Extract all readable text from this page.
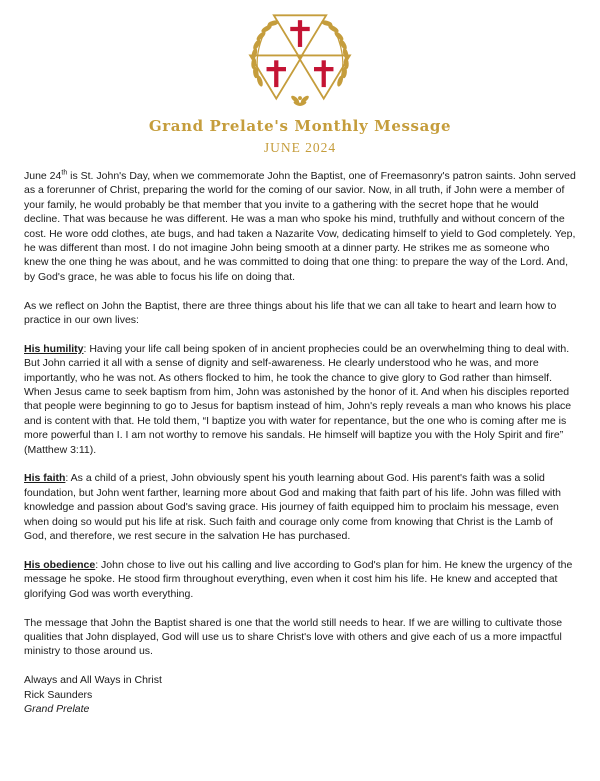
Grand Prelate's Monthly Message
JUNE 2024

June 24th is St. John's Day, when we commemorate John the Baptist, one of Freemasonry's patron saints. John served as a forerunner of Christ, preparing the world for the coming of our savior. Now, in all truth, if John were a member of your family, he would probably be that member that you invite to a gathering with the secret hope that he would decline. That was because he was different. He was a man who spoke his mind, truthfully and without concern of the cost. He wore odd clothes, ate bugs, and had taken a Nazarite Vow, dedicating himself to yield to God completely. Yep, he was different than most. I do not imagine John being smooth at a dinner party. He strikes me as someone who knew the one thing he was about, and he was committed to doing that one thing: to prepare the way of the Lord. And, by God's grace, he was able to focus his life on doing that.

As we reflect on John the Baptist, there are three things about his life that we can all take to heart and learn how to practice in our own lives:

His humility: Having your life call being spoken of in ancient prophecies could be an overwhelming thing to deal with. But John carried it all with a sense of dignity and self-awareness. He clearly understood who he was, and more importantly, who he was not. As others flocked to him, he took the chance to give glory to God rather than himself. When Jesus came to seek baptism from him, John was astonished by the honor of it. And when his disciples reported that people were beginning to go to Jesus for baptism instead of him, John's reply reveals a man who knows his place and is content with that. He told them, “I baptize you with water for repentance, but the one who is coming after me is more powerful than I. I am not worthy to remove his sandals. He himself will baptize you with the Holy Spirit and fire” (Matthew 3:11).

His faith: As a child of a priest, John obviously spent his youth learning about God. His parent's faith was a solid foundation, but John went farther, learning more about God and making that faith part of his life. John was filled with knowledge and passion about God's saving grace. His journey of faith equipped him to proclaim his message, even when doing so would put his life at risk. Such faith and courage only come from knowing that Christ is the Lamb of God, and therefore, we rest secure in the salvation He has purchased.

His obedience: John chose to live out his calling and live according to God's plan for him. He knew the urgency of the message he spoke. He stood firm throughout everything, even when it cost him his life. He knew and accepted that glorifying God was worth everything.

The message that John the Baptist shared is one that the world still needs to hear. If we are willing to cultivate those qualities that John displayed, God will use us to share Christ's love with others and give each of us a more impactful ministry to those around us.

Always and All Ways in Christ
Rick Saunders
Grand Prelate
